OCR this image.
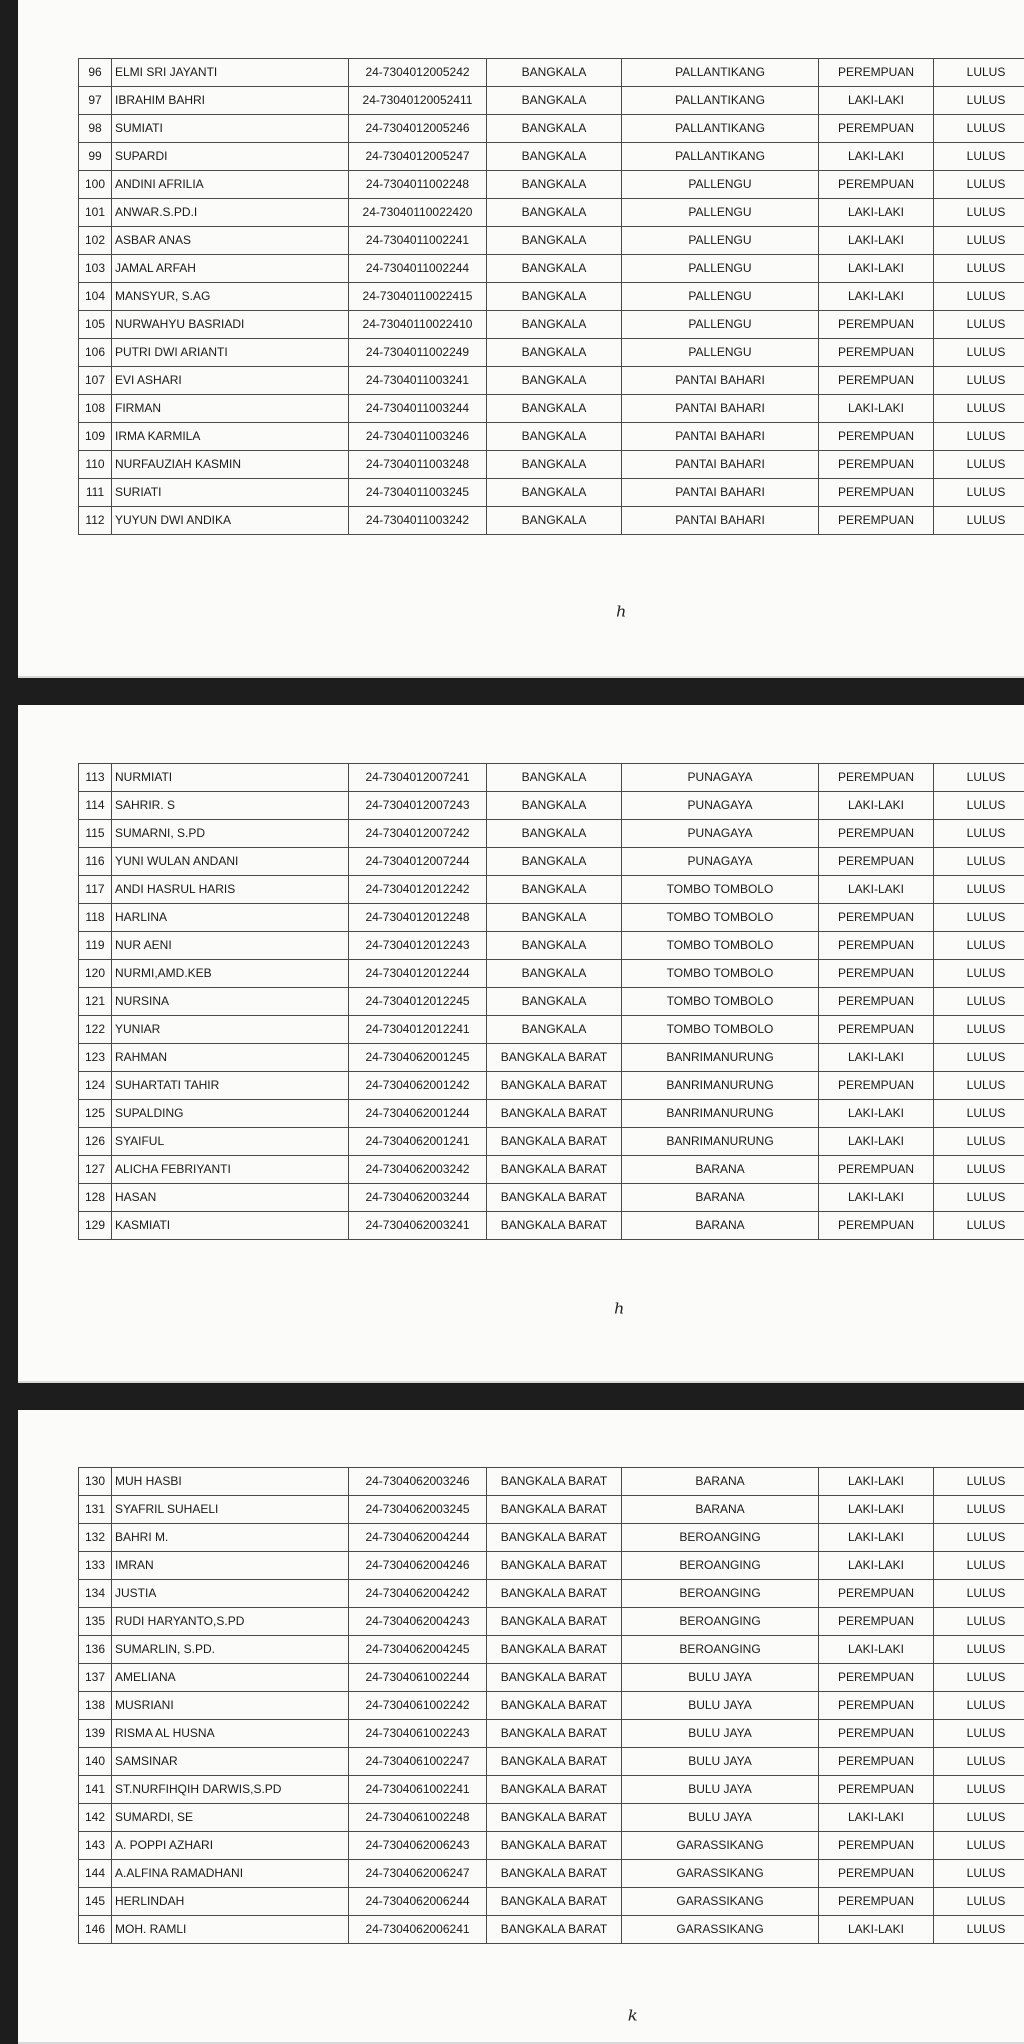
96	ELMI SRI JAYANTI	24-7304012005242	BANGKALA	PALLANTIKANG	PEREMPUAN	LULUS
97	IBRAHIM BAHRI	24-73040120052411	BANGKALA	PALLANTIKANG	LAKI-LAKI	LULUS
98	SUMIATI	24-7304012005246	BANGKALA	PALLANTIKANG	PEREMPUAN	LULUS
99	SUPARDI	24-7304012005247	BANGKALA	PALLANTIKANG	LAKI-LAKI	LULUS
100	ANDINI AFRILIA	24-7304011002248	BANGKALA	PALLENGU	PEREMPUAN	LULUS
101	ANWAR.S.PD.I	24-73040110022420	BANGKALA	PALLENGU	LAKI-LAKI	LULUS
102	ASBAR ANAS	24-7304011002241	BANGKALA	PALLENGU	LAKI-LAKI	LULUS
103	JAMAL ARFAH	24-7304011002244	BANGKALA	PALLENGU	LAKI-LAKI	LULUS
104	MANSYUR, S.AG	24-73040110022415	BANGKALA	PALLENGU	LAKI-LAKI	LULUS
105	NURWAHYU BASRIADI	24-73040110022410	BANGKALA	PALLENGU	PEREMPUAN	LULUS
106	PUTRI DWI ARIANTI	24-7304011002249	BANGKALA	PALLENGU	PEREMPUAN	LULUS
107	EVI ASHARI	24-7304011003241	BANGKALA	PANTAI BAHARI	PEREMPUAN	LULUS
108	FIRMAN	24-7304011003244	BANGKALA	PANTAI BAHARI	LAKI-LAKI	LULUS
109	IRMA KARMILA	24-7304011003246	BANGKALA	PANTAI BAHARI	PEREMPUAN	LULUS
110	NURFAUZIAH KASMIN	24-7304011003248	BANGKALA	PANTAI BAHARI	PEREMPUAN	LULUS
111	SURIATI	24-7304011003245	BANGKALA	PANTAI BAHARI	PEREMPUAN	LULUS
112	YUYUN DWI ANDIKA	24-7304011003242	BANGKALA	PANTAI BAHARI	PEREMPUAN	LULUS
ʰ
113	NURMIATI	24-7304012007241	BANGKALA	PUNAGAYA	PEREMPUAN	LULUS
114	SAHRIR. S	24-7304012007243	BANGKALA	PUNAGAYA	LAKI-LAKI	LULUS
115	SUMARNI, S.PD	24-7304012007242	BANGKALA	PUNAGAYA	PEREMPUAN	LULUS
116	YUNI WULAN ANDANI	24-7304012007244	BANGKALA	PUNAGAYA	PEREMPUAN	LULUS
117	ANDI HASRUL HARIS	24-7304012012242	BANGKALA	TOMBO TOMBOLO	LAKI-LAKI	LULUS
118	HARLINA	24-7304012012248	BANGKALA	TOMBO TOMBOLO	PEREMPUAN	LULUS
119	NUR AENI	24-7304012012243	BANGKALA	TOMBO TOMBOLO	PEREMPUAN	LULUS
120	NURMI,AMD.KEB	24-7304012012244	BANGKALA	TOMBO TOMBOLO	PEREMPUAN	LULUS
121	NURSINA	24-7304012012245	BANGKALA	TOMBO TOMBOLO	PEREMPUAN	LULUS
122	YUNIAR	24-7304012012241	BANGKALA	TOMBO TOMBOLO	PEREMPUAN	LULUS
123	RAHMAN	24-7304062001245	BANGKALA BARAT	BANRIMANURUNG	LAKI-LAKI	LULUS
124	SUHARTATI TAHIR	24-7304062001242	BANGKALA BARAT	BANRIMANURUNG	PEREMPUAN	LULUS
125	SUPALDING	24-7304062001244	BANGKALA BARAT	BANRIMANURUNG	LAKI-LAKI	LULUS
126	SYAIFUL	24-7304062001241	BANGKALA BARAT	BANRIMANURUNG	LAKI-LAKI	LULUS
127	ALICHA FEBRIYANTI	24-7304062003242	BANGKALA BARAT	BARANA	PEREMPUAN	LULUS
128	HASAN	24-7304062003244	BANGKALA BARAT	BARANA	LAKI-LAKI	LULUS
129	KASMIATI	24-7304062003241	BANGKALA BARAT	BARANA	PEREMPUAN	LULUS
ʰ
130	MUH HASBI	24-7304062003246	BANGKALA BARAT	BARANA	LAKI-LAKI	LULUS
131	SYAFRIL SUHAELI	24-7304062003245	BANGKALA BARAT	BARANA	LAKI-LAKI	LULUS
132	BAHRI M.	24-7304062004244	BANGKALA BARAT	BEROANGING	LAKI-LAKI	LULUS
133	IMRAN	24-7304062004246	BANGKALA BARAT	BEROANGING	LAKI-LAKI	LULUS
134	JUSTIA	24-7304062004242	BANGKALA BARAT	BEROANGING	PEREMPUAN	LULUS
135	RUDI HARYANTO,S.PD	24-7304062004243	BANGKALA BARAT	BEROANGING	PEREMPUAN	LULUS
136	SUMARLIN, S.PD.	24-7304062004245	BANGKALA BARAT	BEROANGING	LAKI-LAKI	LULUS
137	AMELIANA	24-7304061002244	BANGKALA BARAT	BULU JAYA	PEREMPUAN	LULUS
138	MUSRIANI	24-7304061002242	BANGKALA BARAT	BULU JAYA	PEREMPUAN	LULUS
139	RISMA AL HUSNA	24-7304061002243	BANGKALA BARAT	BULU JAYA	PEREMPUAN	LULUS
140	SAMSINAR	24-7304061002247	BANGKALA BARAT	BULU JAYA	PEREMPUAN	LULUS
141	ST.NURFIHQIH DARWIS,S.PD	24-7304061002241	BANGKALA BARAT	BULU JAYA	PEREMPUAN	LULUS
142	SUMARDI, SE	24-7304061002248	BANGKALA BARAT	BULU JAYA	LAKI-LAKI	LULUS
143	A. POPPI AZHARI	24-7304062006243	BANGKALA BARAT	GARASSIKANG	PEREMPUAN	LULUS
144	A.ALFINA RAMADHANI	24-7304062006247	BANGKALA BARAT	GARASSIKANG	PEREMPUAN	LULUS
145	HERLINDAH	24-7304062006244	BANGKALA BARAT	GARASSIKANG	PEREMPUAN	LULUS
146	MOH. RAMLI	24-7304062006241	BANGKALA BARAT	GARASSIKANG	LAKI-LAKI	LULUS
ᵏ
